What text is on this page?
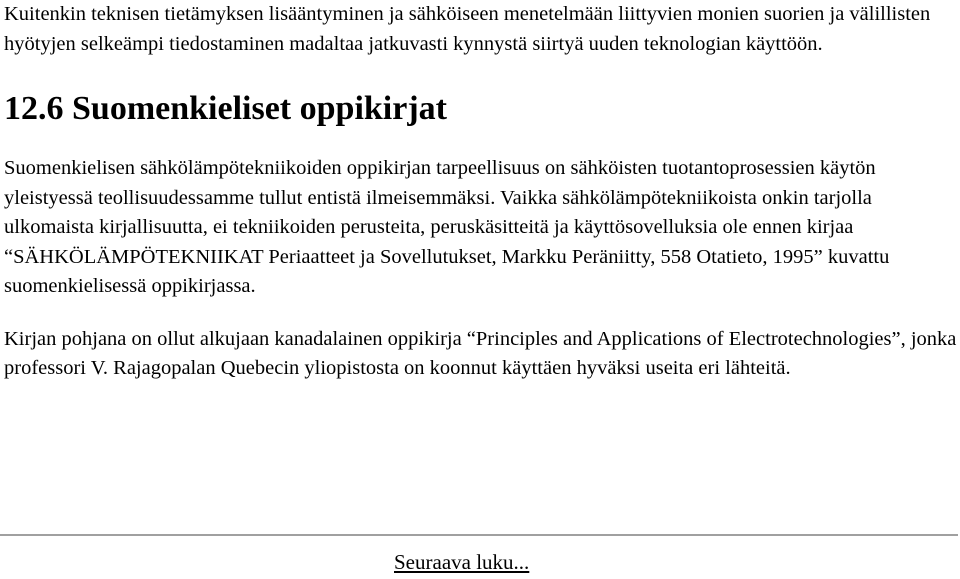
Kuitenkin teknisen tietämyksen lisääntyminen ja sähköiseen menetelmään liittyvien monien suorien ja välillisten hyötyjen selkeämpi tiedostaminen madaltaa jatkuvasti kynnystä siirtyä uuden teknologian käyttöön.

12.6 Suomenkieliset oppikirjat

Suomenkielisen sähkölämpötekniikoiden oppikirjan tarpeellisuus on sähköisten tuotantoprosessien käytön yleistyessä teollisuudessamme tullut entistä ilmeisemmäksi. Vaikka sähkölämpötekniikoista onkin tarjolla ulkomaista kirjallisuutta, ei tekniikoiden perusteita, peruskäsitteitä ja käyttösovelluksia ole ennen kirjaa “SÄHKÖLÄMPÖTEKNIIKAT Periaatteet ja Sovellutukset, Markku Peräniitty, 558 Otatieto, 1995” kuvattu suomenkielisessä oppikirjassa.

Kirjan pohjana on ollut alkujaan kanadalainen oppikirja “Principles and Applications of Electrotechnologies”, jonka professori V. Rajagopalan Quebecin yliopistosta on koonnut käyttäen hyväksi useita eri lähteitä.

Seuraava luku...
